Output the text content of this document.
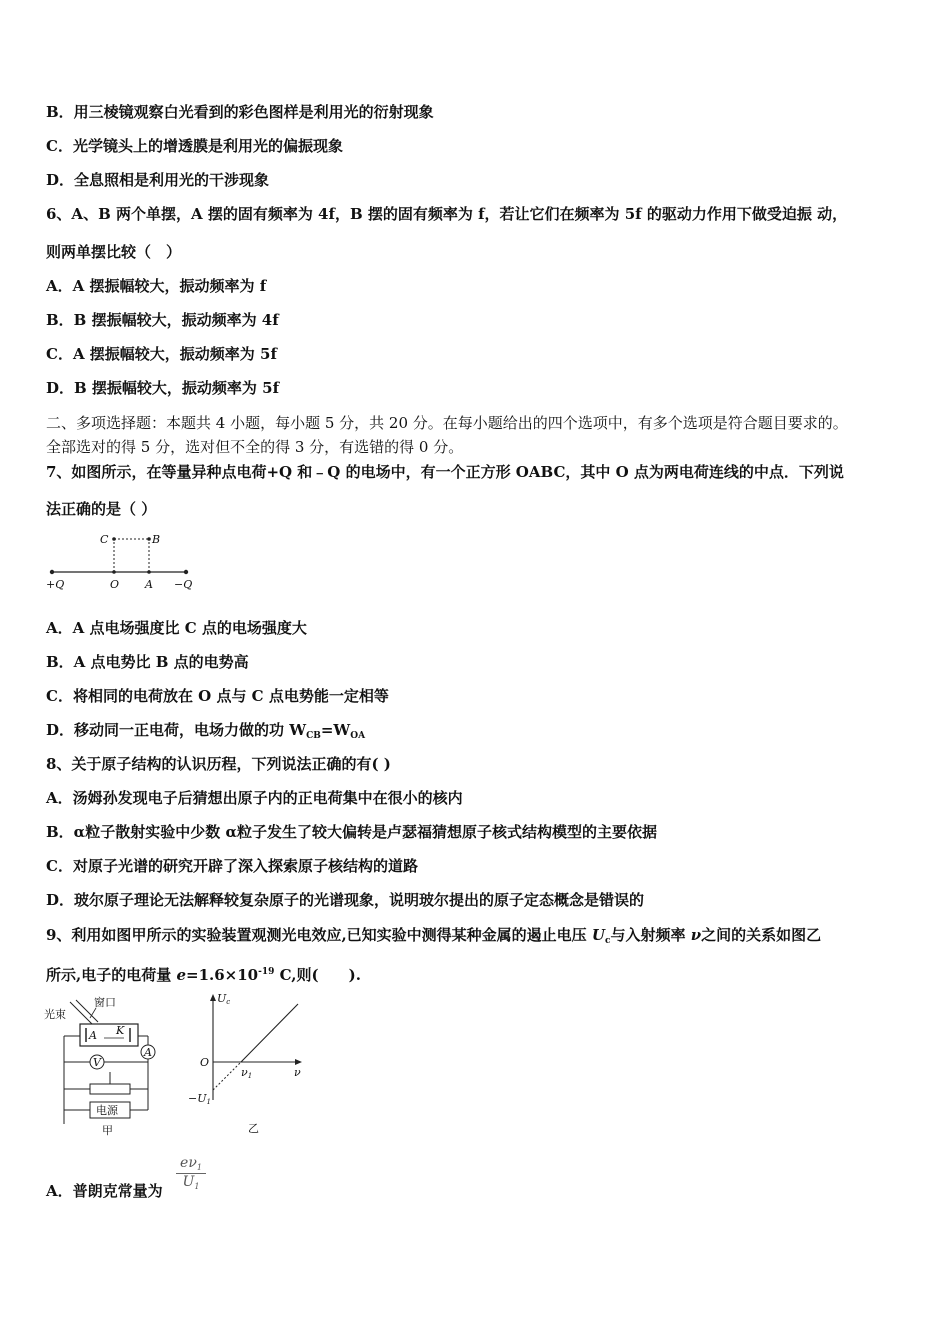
B．用三棱镜观察白光看到的彩色图样是利用光的衍射现象
C．光学镜头上的增透膜是利用光的偏振现象
D．全息照相是利用光的干涉现象
6、A、B 两个单摆，A 摆的固有频率为 4f，B 摆的固有频率为 f，若让它们在频率为 5f 的驱动力作用下做受迫振 动，
则两单摆比较（　）
A．A 摆振幅较大，振动频率为 f
B．B 摆振幅较大，振动频率为 4f
C．A 摆振幅较大，振动频率为 5f
D．B 摆振幅较大，振动频率为 5f
二、多项选择题：本题共 4 小题，每小题 5 分，共 20 分。在每小题给出的四个选项中，有多个选项是符合题目要求的。
全部选对的得 5 分，选对但不全的得 3 分，有选错的得 0 分。
7、如图所示，在等量异种点电荷+Q 和﹣Q 的电场中，有一个正方形 OABC，其中 O 点为两电荷连线的中点．下列说
法正确的是（ ）
+Q	O A −Q
C	B
A．A 点电场强度比 C 点的电场强度大
B．A 点电势比 B 点的电势高
C．将相同的电荷放在 O 点与 C 点电势能一定相等
D．移动同一正电荷，电场力做的功 $W_{CB}=W_{OA}$
8、关于原子结构的认识历程，下列说法正确的有( )
A．汤姆孙发现电子后猜想出原子内的正电荷集中在很小的核内
B．α粒子散射实验中少数 α粒子发生了较大偏转是卢瑟福猜想原子核式结构模型的主要依据
C．对原子光谱的研究开辟了深入探索原子核结构的道路
D．玻尔原子理论无法解释较复杂原子的光谱现象，说明玻尔提出的原子定态概念是错误的
9、利用如图甲所示的实验装置观测光电效应,已知实验中测得某种金属的遏止电压 $U_c$与入射频率 ν之间的关系如图乙
所示,电子的电荷量 $e=1.6\times 10^{-19}$ C,则(　　).
光束
窗口
A K
A
V
电源
甲
Uc
O
ν
ν1
−U1
乙
A．普朗克常量为 $\frac{e\nu_1}{U_1}$
